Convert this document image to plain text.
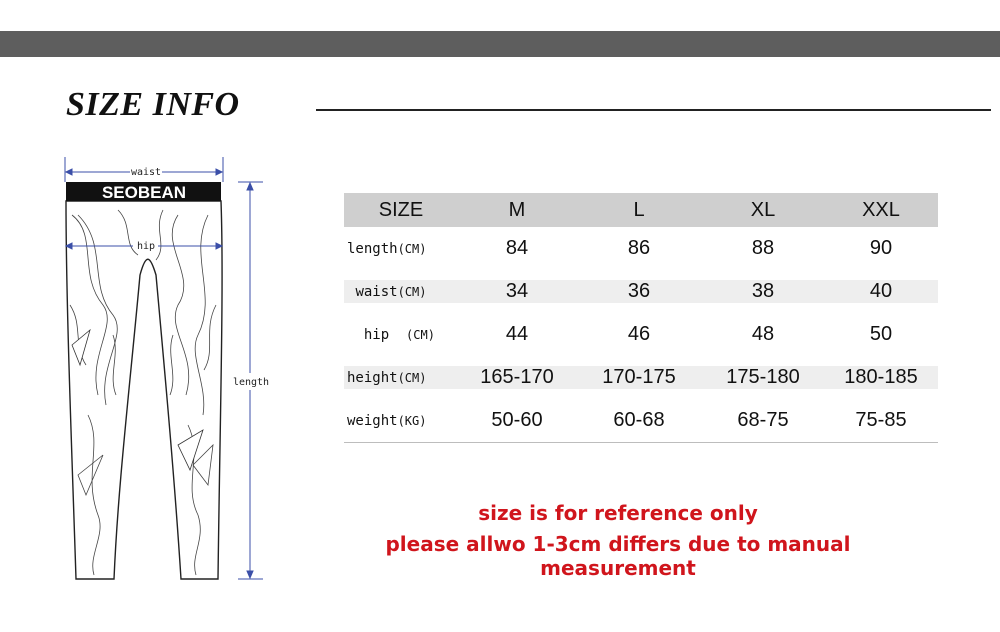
SIZE INFO
waist
SEOBEAN
hip
length
SIZE	M	L	XL	XXL
length(CM)	84	86	88	90
waist(CM)	34	36	38	40
hip (CM)	44	46	48	50
height(CM)	165-170	170-175	175-180	180-185
weight(KG)	50-60	60-68	68-75	75-85
size is for reference only
please allwo 1-3cm differs due to manual measurement
